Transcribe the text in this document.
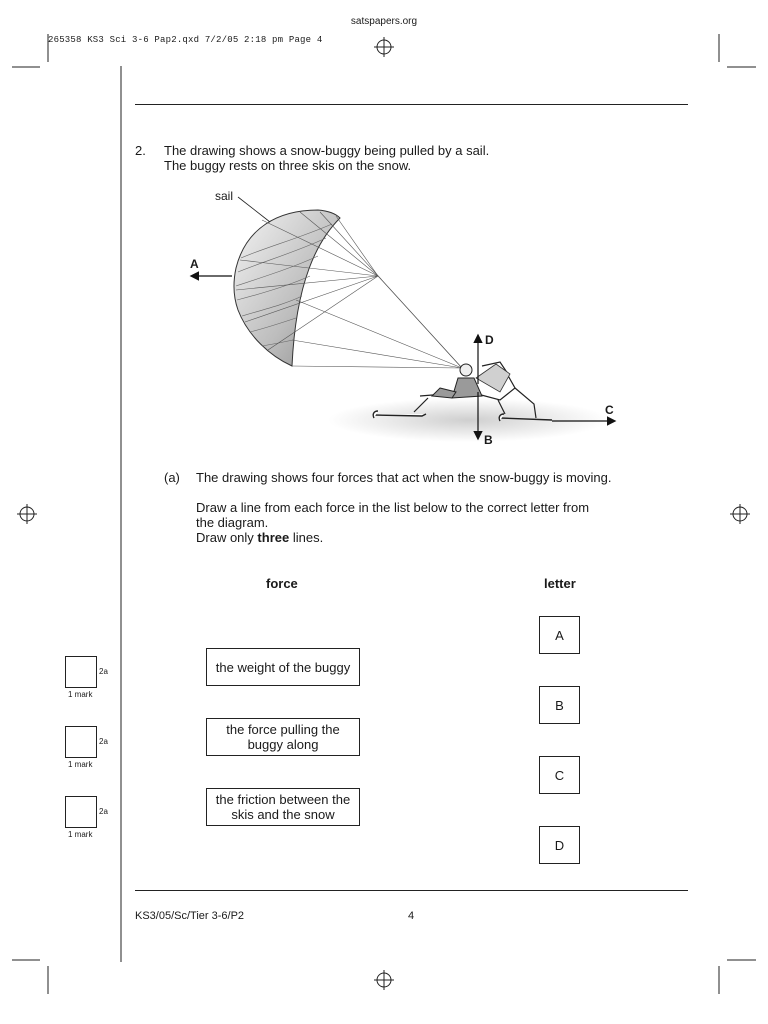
satspapers.org
265358 KS3 Sci 3-6 Pap2.qxd 7/2/05 2:18 pm Page 4
2. The drawing shows a snow-buggy being pulled by a sail.
The buggy rests on three skis on the snow.
sail
A
B
C
D
(a) The drawing shows four forces that act when the snow-buggy is moving.
Draw a line from each force in the list below to the correct letter from
the diagram.
Draw only three lines.
force	letter
the weight of the buggy
the force pulling the
buggy along
the friction between the
skis and the snow
A
B
C
D
2a
1 mark
2a
1 mark
2a
1 mark
KS3/05/Sc/Tier 3-6/P2	4
